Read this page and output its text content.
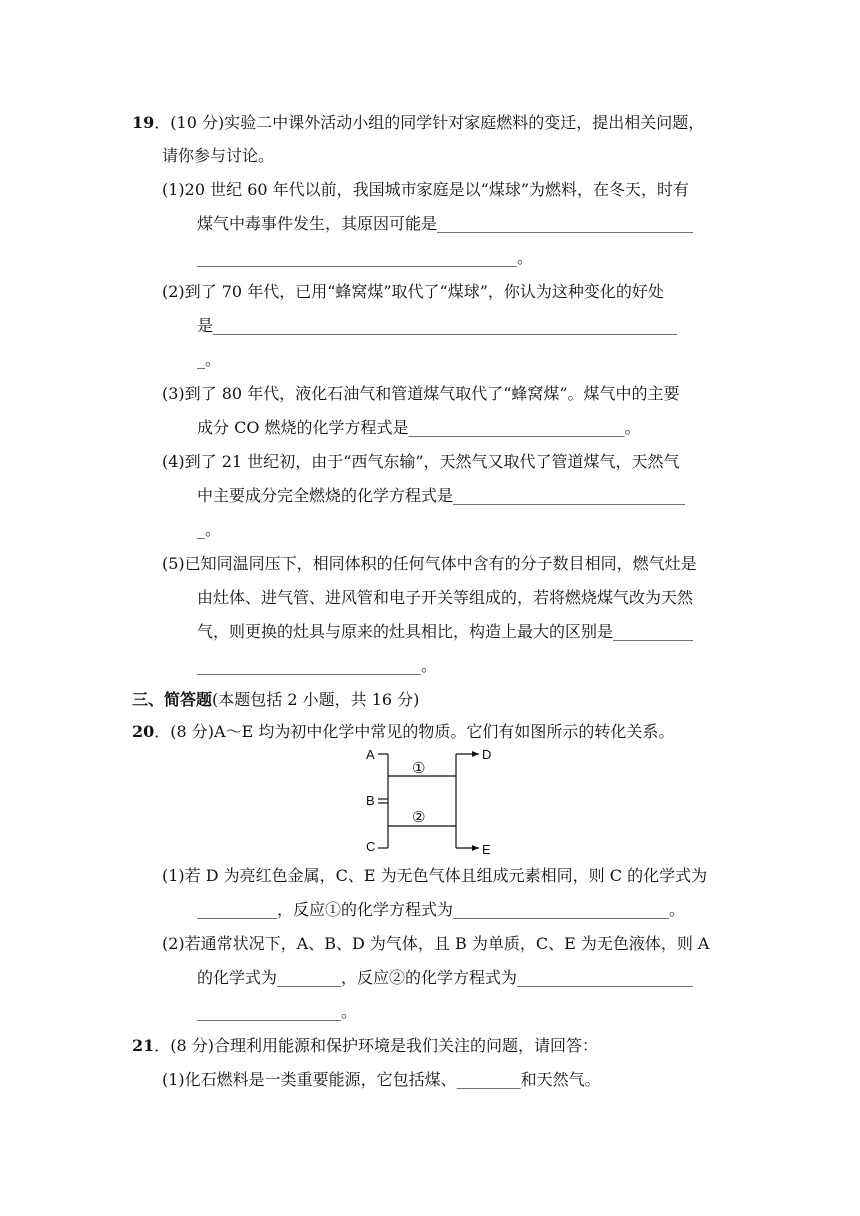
19．(10 分)实验二中课外活动小组的同学针对家庭燃料的变迁，提出相关问题，
请你参与讨论。
(1)20 世纪 60 年代以前，我国城市家庭是以“煤球”为燃料，在冬天，时有
煤气中毒事件发生，其原因可能是________________________________
________________________________________。
(2)到了 70 年代，已用“蜂窝煤”取代了“煤球”，你认为这种变化的好处
是__________________________________________________________
_。
(3)到了 80 年代，液化石油气和管道煤气取代了“蜂窝煤”。煤气中的主要
成分 CO 燃烧的化学方程式是___________________________。
(4)到了 21 世纪初，由于“西气东输”，天然气又取代了管道煤气，天然气
中主要成分完全燃烧的化学方程式是_____________________________
_。
(5)已知同温同压下，相同体积的任何气体中含有的分子数目相同，燃气灶是
由灶体、进气管、进风管和电子开关等组成的，若将燃烧煤气改为天然
气，则更换的灶具与原来的灶具相比，构造上最大的区别是__________
____________________________。
三、简答题(本题包括 2 小题，共 16 分)
20．(8 分)A～E 均为初中化学中常见的物质。它们有如图所示的转化关系。
A
B
C
D
E
①
②
(1)若 D 为亮红色金属，C、E 为无色气体且组成元素相同，则 C 的化学式为
__________，反应①的化学方程式为___________________________。
(2)若通常状况下，A、B、D 为气体，且 B 为单质，C、E 为无色液体，则 A
的化学式为________，反应②的化学方程式为______________________
__________________。
21．(8 分)合理利用能源和保护环境是我们关注的问题，请回答：
(1)化石燃料是一类重要能源，它包括煤、________和天然气。
